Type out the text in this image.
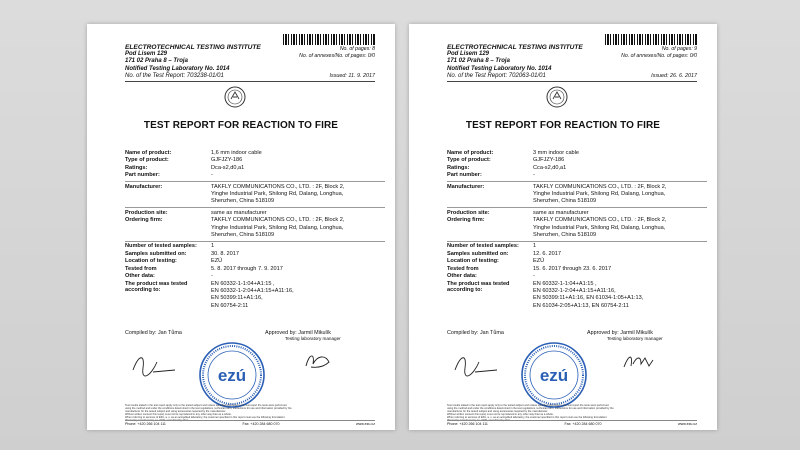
ELECTROTECHNICAL TESTING INSTITUTE
Pod Lisem 129
171 02 Praha 8 – Troja
Notified Testing Laboratory No. 1014
No. of the Test Report: 703238-01/01
No. of pages: 8
No. of annexes/No. of pages: 0/0
Issued: 11. 9. 2017
TEST REPORT FOR REACTION TO FIRE
Name of product:	1,6 mm indoor cable
Type of product:	GJFJZY-186
Ratings:	Dca-s2,d0,a1
Part number:	-
Manufacturer:	TAKFLY COMMUNICATIONS CO., LTD. : 2F, Block 2,
Yinghe Industrial Park, Shilong Rd, Dalang, Longhua,
Shenzhen, China 518109
Production site:	same as manufacturer
Ordering firm:	TAKFLY COMMUNICATIONS CO., LTD. : 2F, Block 2,
Yinghe Industrial Park, Shilong Rd, Dalang, Longhua,
Shenzhen, China 518109
Number of tested samples:	1
Samples submitted on:	30. 8. 2017
Location of testing:	EZÚ
Tested from	5. 8. 2017 through 7. 9. 2017
Other data:	-
The product was tested according to:
EN 60332-1-1:04+A1:15 ,
EN 60332-1-2:04+A1:15+A11:16,
EN 50399:11+A1:16,
EN 60754-2:11
Compiled by: Jan Tůma	Approved by: Jarmil Mikulík
Testing laboratory manager
ezú
Test results stated in the test report apply only to the tested subject and unless specified otherwise in the test report the tests were performed
using the method and under the conditions determined in the test regulations, technical norm, instructions for use and information provided by the
manufacturer for the tested subject and using accessories required by the manufacturer.
Without written consent this report must not be reproduced in any other way than as a whole.
When referring to services of EZÚ, a. s. as an accredited laboratory, the customer specified in this report must use the following formulation:
"Tested by test laboratory no. 1006, accredited by ČIA"
Phone: +420 266 104 111	Fax: +420 284 680 070	www.ezu.cz
ELECTROTECHNICAL TESTING INSTITUTE
Pod Lisem 129
171 02 Praha 8 – Troja
Notified Testing Laboratory No. 1014
No. of the Test Report: 702063-01/01
No. of pages: 9
No. of annexes/No. of pages: 0/0
Issued: 26. 6. 2017
TEST REPORT FOR REACTION TO FIRE
Name of product:	3 mm indoor cable
Type of product:	GJFJZY-186
Ratings:	Cca-s2,d0,a1
Part number:	-
Manufacturer:	TAKFLY COMMUNICATIONS CO., LTD. : 2F, Block 2,
Yinghe Industrial Park, Shilong Rd, Dalang, Longhua,
Shenzhen, China 518109
Production site:	same as manufacturer
Ordering firm:	TAKFLY COMMUNICATIONS CO., LTD. : 2F, Block 2,
Yinghe Industrial Park, Shilong Rd, Dalang, Longhua,
Shenzhen, China 518109
Number of tested samples:	1
Samples submitted on:	12. 6. 2017
Location of testing:	EZÚ
Tested from	15. 6. 2017 through 23. 6. 2017
Other data:	-
The product was tested according to:
EN 60332-1-1:04+A1:15 ,
EN 60332-1-2:04+A1:15+A11:16,
EN 50399:11+A1:16, EN 61034-1:05+A1:13,
EN 61034-2:05+A1:13, EN 60754-2:11
Compiled by: Jan Tůma	Approved by: Jarmil Mikulík
Testing laboratory manager
ezú
Test results stated in the test report apply only to the tested subject and unless specified otherwise in the test report the tests were performed
using the method and under the conditions determined in the test regulations, technical norm, instructions for use and information provided by the
manufacturer for the tested subject and using accessories required by the manufacturer.
Without written consent this report must not be reproduced in any other way than as a whole.
When referring to services of EZÚ, a. s. as an accredited laboratory, the customer specified in this report must use the following formulation:
"Tested by test laboratory no. 1006, accredited by ČIA"
Phone: +420 266 104 111	Fax: +420 284 680 070	www.ezu.cz
